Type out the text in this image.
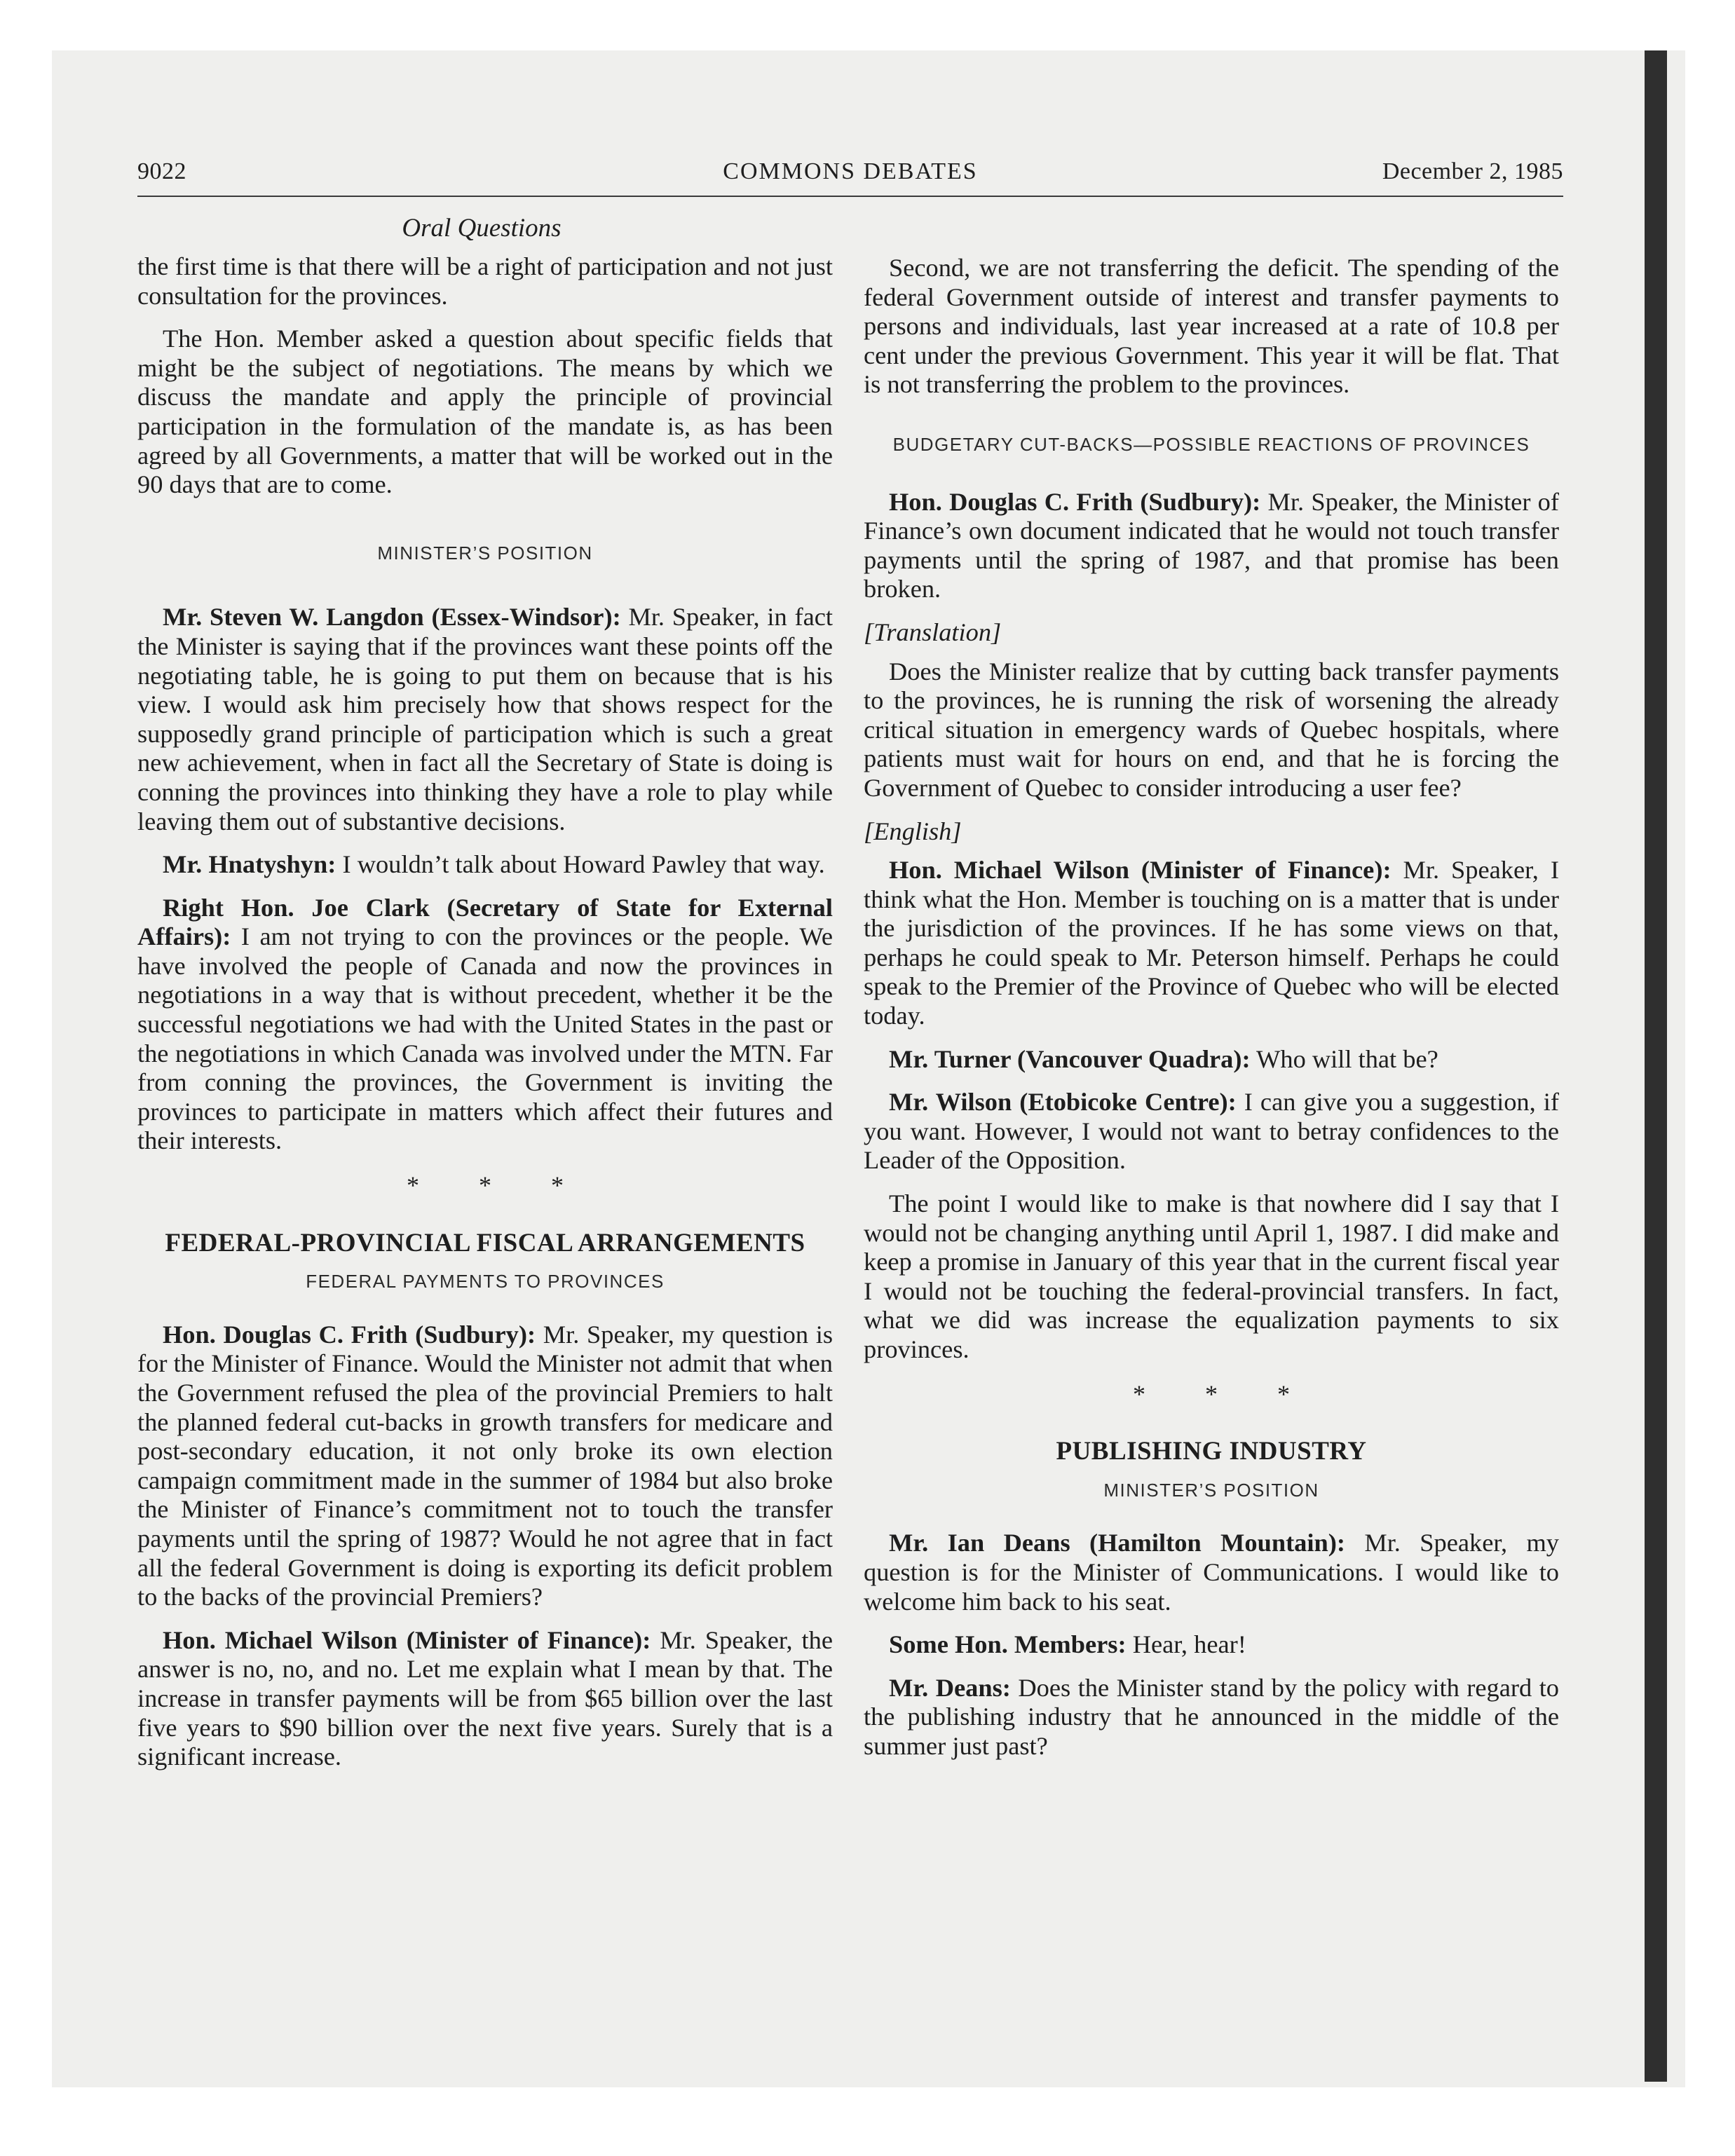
COMMONS DEBATES
9022	December 2, 1985
Oral Questions

the first time is that there will be a right of participation and not just consultation for the provinces.

The Hon. Member asked a question about specific fields that might be the subject of negotiations. The means by which we discuss the mandate and apply the principle of provincial participation in the formulation of the mandate is, as has been agreed by all Governments, a matter that will be worked out in the 90 days that are to come.

MINISTER’S POSITION

Mr. Steven W. Langdon (Essex-Windsor): Mr. Speaker, in fact the Minister is saying that if the provinces want these points off the negotiating table, he is going to put them on because that is his view. I would ask him precisely how that shows respect for the supposedly grand principle of participation which is such a great new achievement, when in fact all the Secretary of State is doing is conning the provinces into thinking they have a role to play while leaving them out of substantive decisions.

Mr. Hnatyshyn: I wouldn’t talk about Howard Pawley that way.

Right Hon. Joe Clark (Secretary of State for External Affairs): I am not trying to con the provinces or the people. We have involved the people of Canada and now the provinces in negotiations in a way that is without precedent, whether it be the successful negotiations we had with the United States in the past or the negotiations in which Canada was involved under the MTN. Far from conning the provinces, the Government is inviting the provinces to participate in matters which affect their futures and their interests.

* * *
FEDERAL-PROVINCIAL FISCAL ARRANGEMENTS
FEDERAL PAYMENTS TO PROVINCES

Hon. Douglas C. Frith (Sudbury): Mr. Speaker, my question is for the Minister of Finance. Would the Minister not admit that when the Government refused the plea of the provincial Premiers to halt the planned federal cut-backs in growth transfers for medicare and post-secondary education, it not only broke its own election campaign commitment made in the summer of 1984 but also broke the Minister of Finance’s commitment not to touch the transfer payments until the spring of 1987? Would he not agree that in fact all the federal Government is doing is exporting its deficit problem to the backs of the provincial Premiers?

Hon. Michael Wilson (Minister of Finance): Mr. Speaker, the answer is no, no, and no. Let me explain what I mean by that. The increase in transfer payments will be from $65 billion over the last five years to $90 billion over the next five years. Surely that is a significant increase.

Second, we are not transferring the deficit. The spending of the federal Government outside of interest and transfer payments to persons and individuals, last year increased at a rate of 10.8 per cent under the previous Government. This year it will be flat. That is not transferring the problem to the provinces.

BUDGETARY CUT-BACKS—POSSIBLE REACTIONS OF PROVINCES

Hon. Douglas C. Frith (Sudbury): Mr. Speaker, the Minister of Finance’s own document indicated that he would not touch transfer payments until the spring of 1987, and that promise has been broken.

[Translation]

Does the Minister realize that by cutting back transfer payments to the provinces, he is running the risk of worsening the already critical situation in emergency wards of Quebec hospitals, where patients must wait for hours on end, and that he is forcing the Government of Quebec to consider introducing a user fee?

[English]

Hon. Michael Wilson (Minister of Finance): Mr. Speaker, I think what the Hon. Member is touching on is a matter that is under the jurisdiction of the provinces. If he has some views on that, perhaps he could speak to Mr. Peterson himself. Perhaps he could speak to the Premier of the Province of Quebec who will be elected today.

Mr. Turner (Vancouver Quadra): Who will that be?

Mr. Wilson (Etobicoke Centre): I can give you a suggestion, if you want. However, I would not want to betray confidences to the Leader of the Opposition.

The point I would like to make is that nowhere did I say that I would not be changing anything until April 1, 1987. I did make and keep a promise in January of this year that in the current fiscal year I would not be touching the federal-provincial transfers. In fact, what we did was increase the equalization payments to six provinces.

* * *
PUBLISHING INDUSTRY
MINISTER’S POSITION

Mr. Ian Deans (Hamilton Mountain): Mr. Speaker, my question is for the Minister of Communications. I would like to welcome him back to his seat.

Some Hon. Members: Hear, hear!

Mr. Deans: Does the Minister stand by the policy with regard to the publishing industry that he announced in the middle of the summer just past?
